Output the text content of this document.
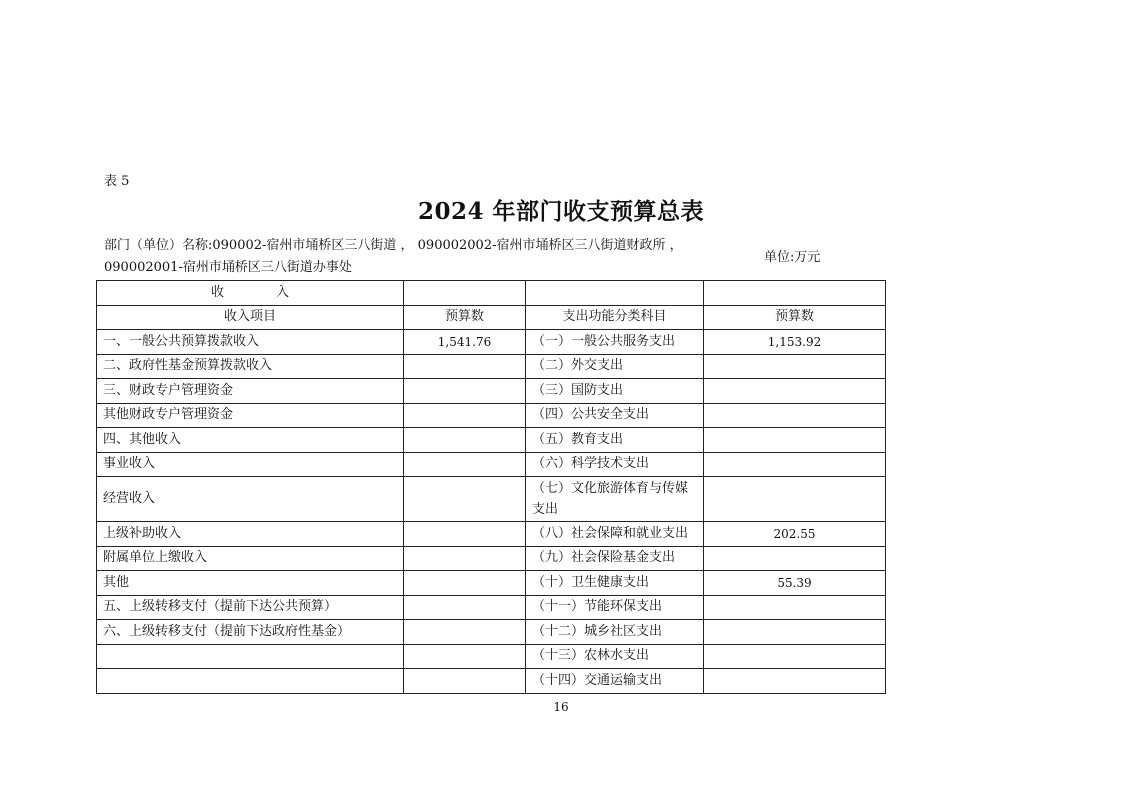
表 5
2024 年部门收支预算总表
部门（单位）名称:090002-宿州市埇桥区三八街道 ， 090002002-宿州市埇桥区三八街道财政所 ，
090002001-宿州市埇桥区三八街道办事处
单位:万元
收　　　　入			
收入项目	预算数	支出功能分类科目	预算数
一、一般公共预算拨款收入	1,541.76	（一）一般公共服务支出	1,153.92
二、政府性基金预算拨款收入		（二）外交支出	
三、财政专户管理资金		（三）国防支出	
其他财政专户管理资金		（四）公共安全支出	
四、其他收入		（五）教育支出	
事业收入		（六）科学技术支出	
经营收入		（七）文化旅游体育与传媒支出	
上级补助收入		（八）社会保障和就业支出	202.55
附属单位上缴收入		（九）社会保险基金支出	
其他		（十）卫生健康支出	55.39
五、上级转移支付（提前下达公共预算）		（十一）节能环保支出	
六、上级转移支付（提前下达政府性基金）		（十二）城乡社区支出	
		（十三）农林水支出	
		（十四）交通运输支出	
16
